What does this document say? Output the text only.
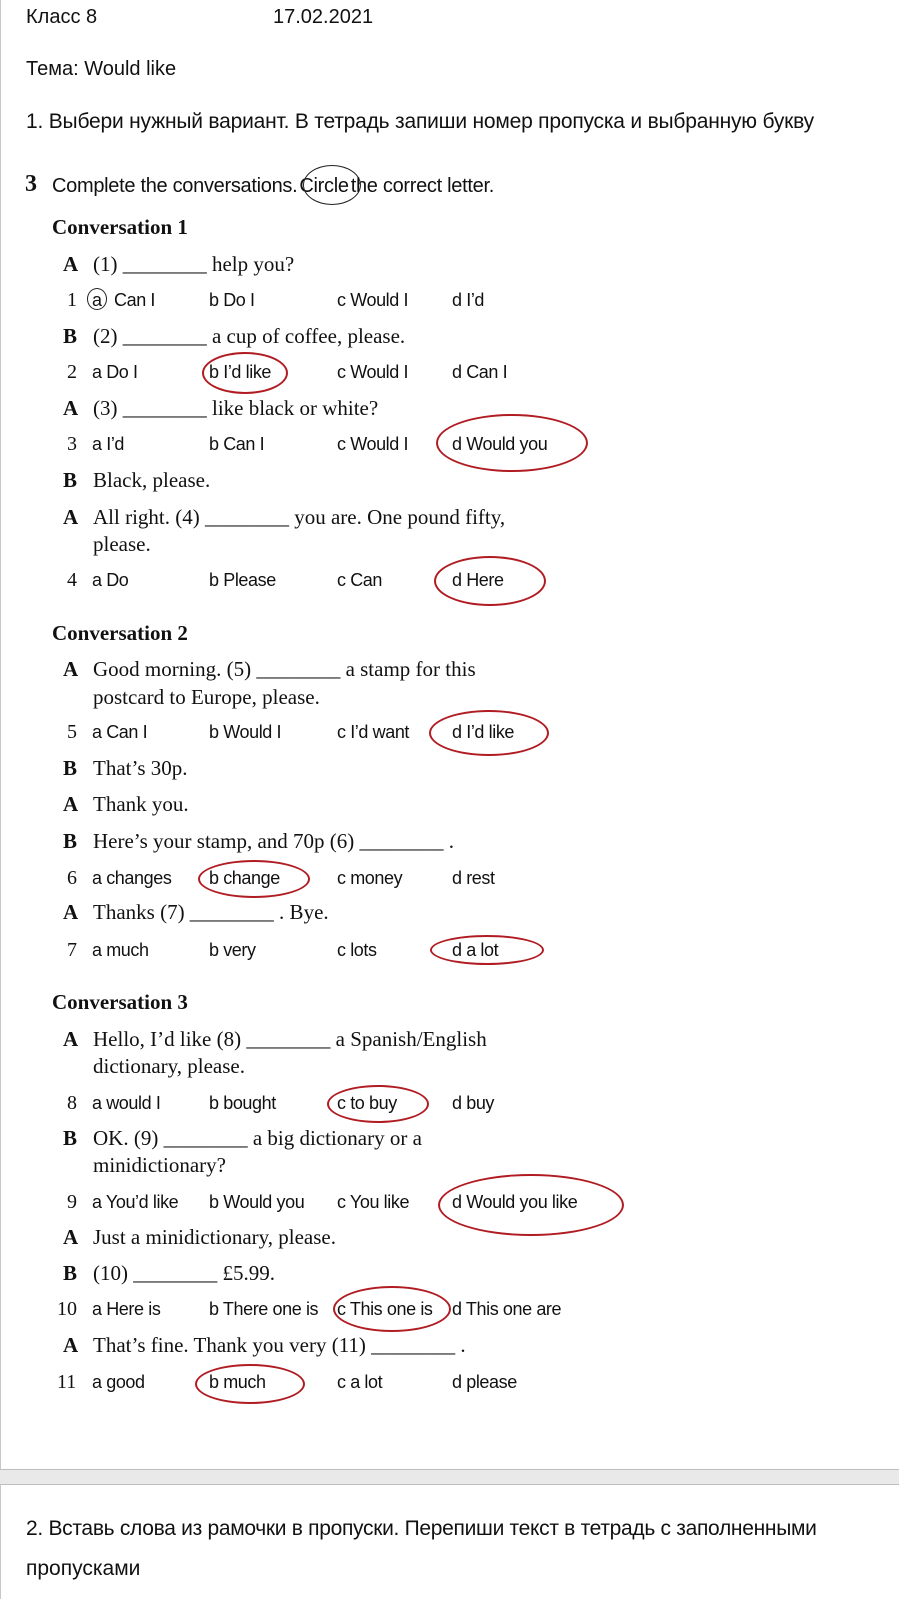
Класс 8	17.02.2021
Тема: Would like
1. Выбери нужный вариант. В тетрадь запиши номер пропуска и выбранную букву
3 Complete the conversations. Circle the correct letter.
Conversation 1
Conversation 2
Conversation 3
A (1) ________ help you?
B (2) ________ a cup of coffee, please.
A (3) ________ like black or white?
B Black, please.
A All right. (4) ________ you are. One pound fifty,
please.
A Good morning. (5) ________ a stamp for this
postcard to Europe, please.
B That’s 30p.
A Thank you.
B Here’s your stamp, and 70p (6) ________ .
A Thanks (7) ________ . Bye.
A Hello, I’d like (8) ________ a Spanish/English
dictionary, please.
B OK. (9) ________ a big dictionary or a
minidictionary?
A Just a minidictionary, please.
B (10) ________ £5.99.
A That’s fine. Thank you very (11) ________ .
1 a Can I	b Do I	c Would I d I’d
2 a Do I	b I’d like	c Would I d Can I
3 a I’d	b Can I	c Would I d Would you
4 a Do	b Please	c Can	d Here
5 a Can I	b Would I	c I’d want d I’d like
6 a changes b change	c money	d rest
7 a much	b very	c lots	d a lot
8 a would I	b bought	c to buy	d buy
9 a You’d like b Would you c You like d Would you like
10 a Here is	b There one is c This one is d This one are
11 a good	b much	c a lot	d please
2. Вставь слова из рамочки в пропуски. Перепиши текст в тетрадь с заполненными
пропусками
